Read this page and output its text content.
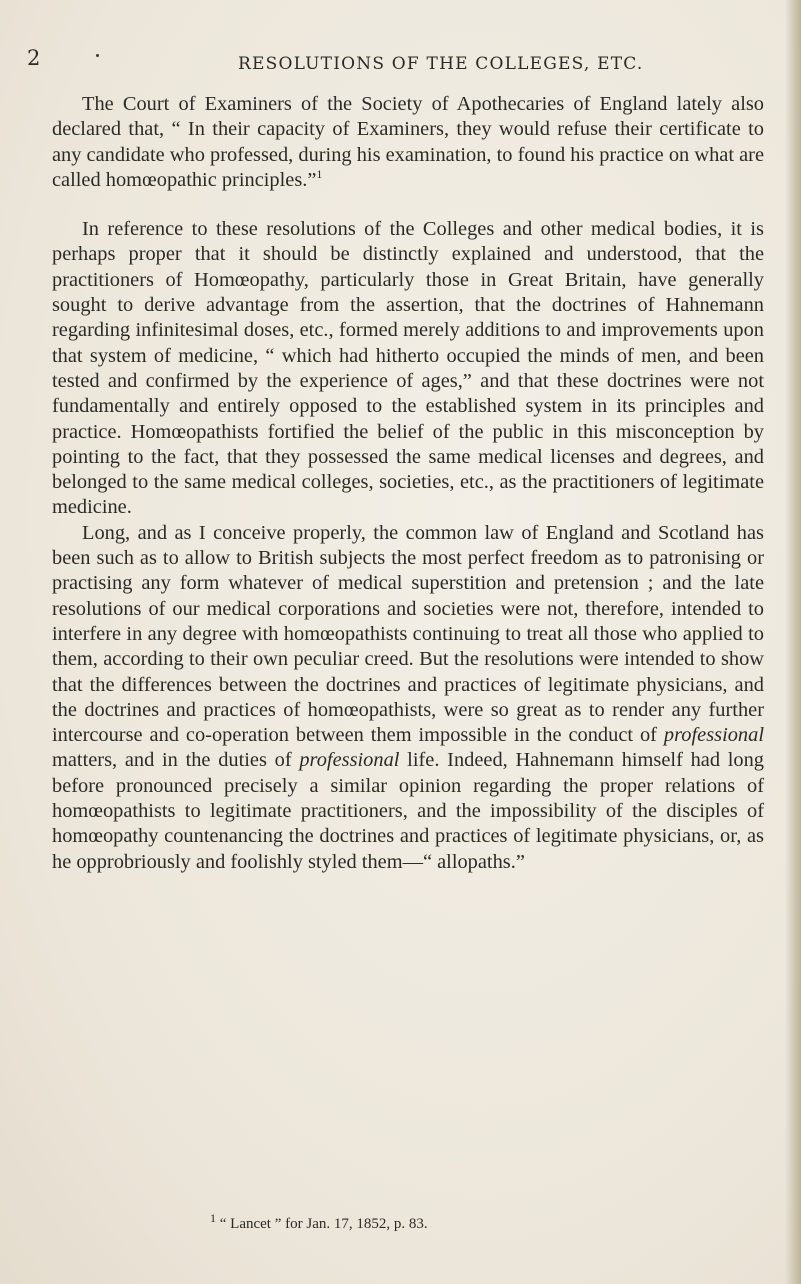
2	RESOLUTIONS OF THE COLLEGES, ETC.

The Court of Examiners of the Society of Apothecaries of England lately also declared that, “ In their capacity of Examiners, they would refuse their certificate to any candidate who professed, during his examination, to found his practice on what are called homœopathic principles.”$^1$

In reference to these resolutions of the Colleges and other medical bodies, it is perhaps proper that it should be distinctly explained and understood, that the practitioners of Homœopathy, particularly those in Great Britain, have generally sought to derive advantage from the assertion, that the doctrines of Hahnemann regarding infinitesimal doses, etc., formed merely additions to and improvements upon that system of medicine, “ which had hitherto occupied the minds of men, and been tested and confirmed by the experience of ages,” and that these doctrines were not fundamentally and entirely opposed to the established system in its principles and practice. Homœopathists fortified the belief of the public in this misconception by pointing to the fact, that they possessed the same medical licenses and degrees, and belonged to the same medical colleges, societies, etc., as the practitioners of legitimate medicine.

Long, and as I conceive properly, the common law of England and Scotland has been such as to allow to British subjects the most perfect freedom as to patronising or practising any form whatever of medical superstition and pretension ; and the late resolutions of our medical corporations and societies were not, therefore, intended to interfere in any degree with homœopathists continuing to treat all those who applied to them, according to their own peculiar creed. But the resolutions were intended to show that the differences between the doctrines and practices of legitimate physicians, and the doctrines and practices of homœopathists, were so great as to render any further intercourse and co-operation between them impossible in the conduct of professional matters, and in the duties of professional life. Indeed, Hahnemann himself had long before pronounced precisely a similar opinion regarding the proper relations of homœopathists to legitimate practitioners, and the impossibility of the disciples of homœopathy countenancing the doctrines and practices of legitimate physicians, or, as he opprobriously and foolishly styled them—“ allopaths.”

$^1$ “ Lancet ” for Jan. 17, 1852, p. 83.
